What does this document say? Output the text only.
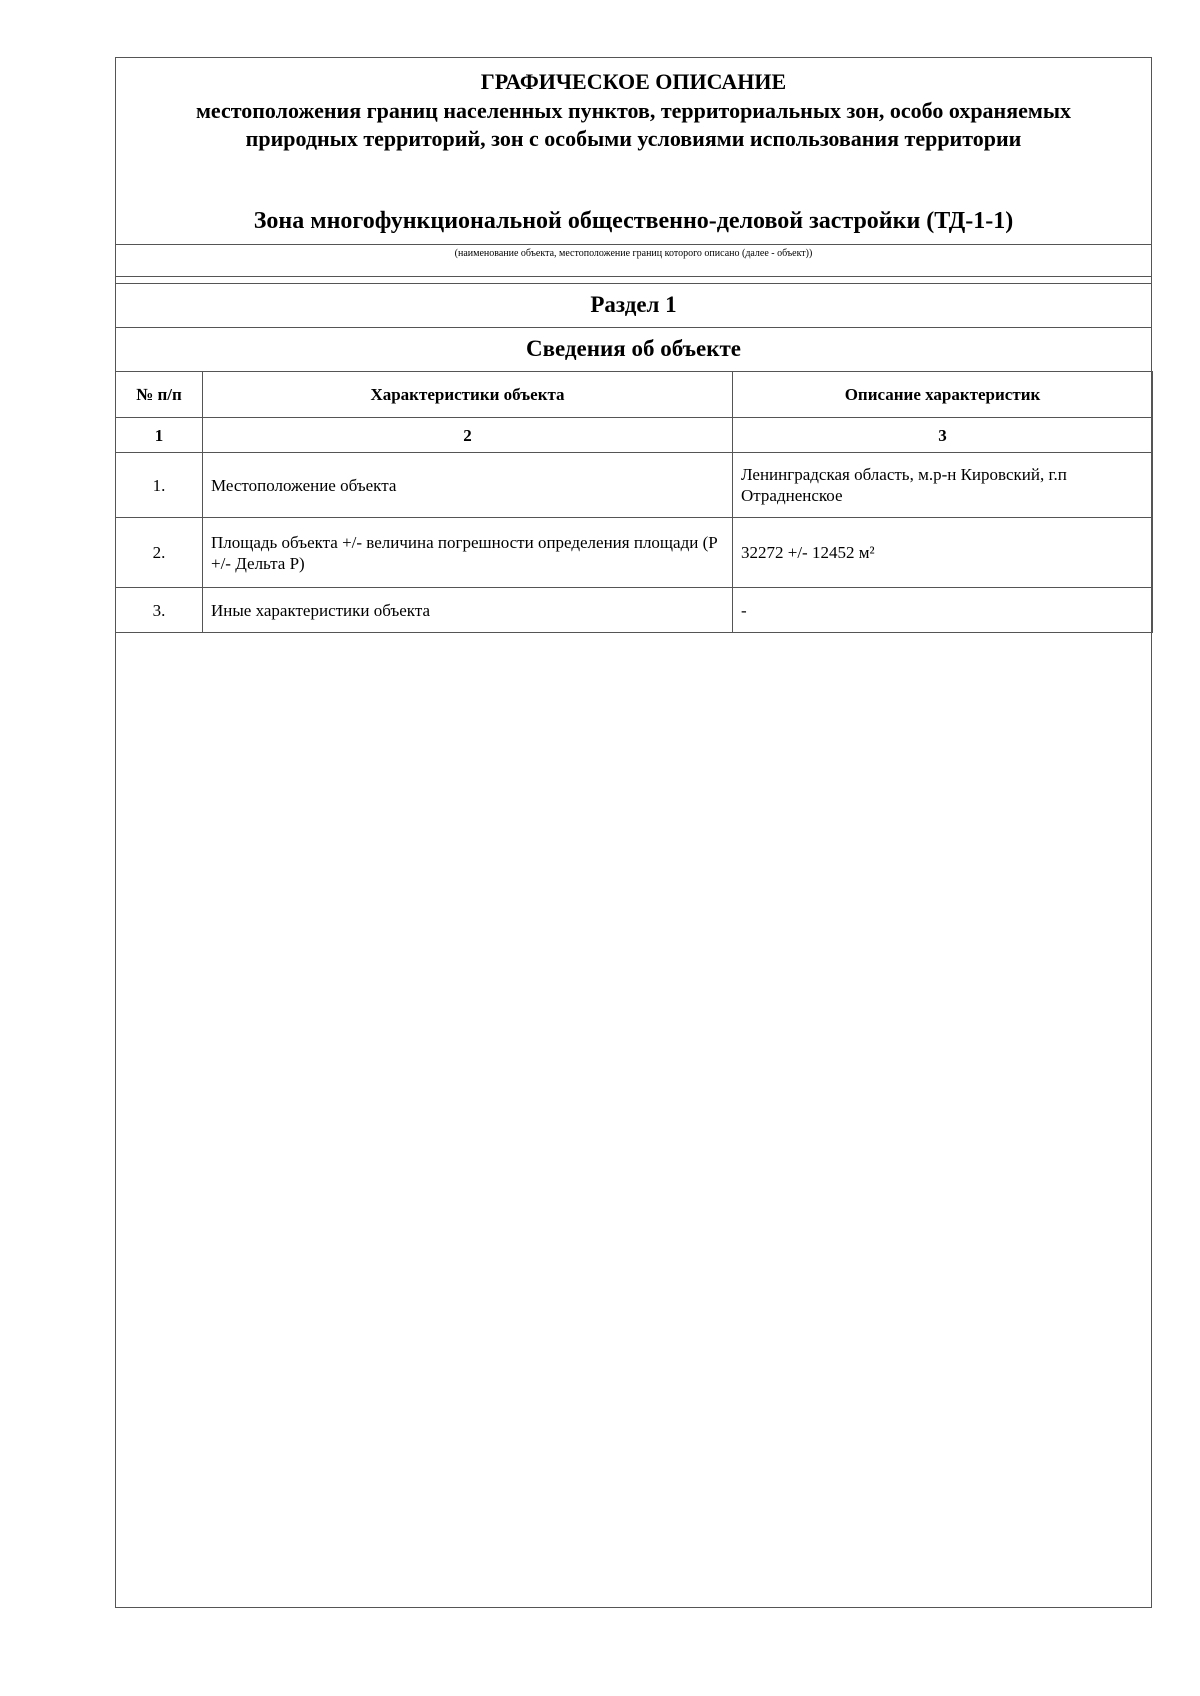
ГРАФИЧЕСКОЕ ОПИСАНИЕ
местоположения границ населенных пунктов, территориальных зон, особо охраняемых природных территорий, зон с особыми условиями использования территории
Зона многофункциональной общественно-деловой застройки (ТД-1-1)
(наименование объекта, местоположение границ которого описано (далее - объект))
Раздел 1
Сведения об объекте
№ п/п	Характеристики объекта	Описание характеристик
1	2	3
1.	Местоположение объекта	Ленинградская область, м.р-н Кировский, г.п Отрадненское
2.	Площадь объекта +/- величина погрешности определения площади (P +/- Дельта P)	32272 +/- 12452 м²
3.	Иные характеристики объекта	-
